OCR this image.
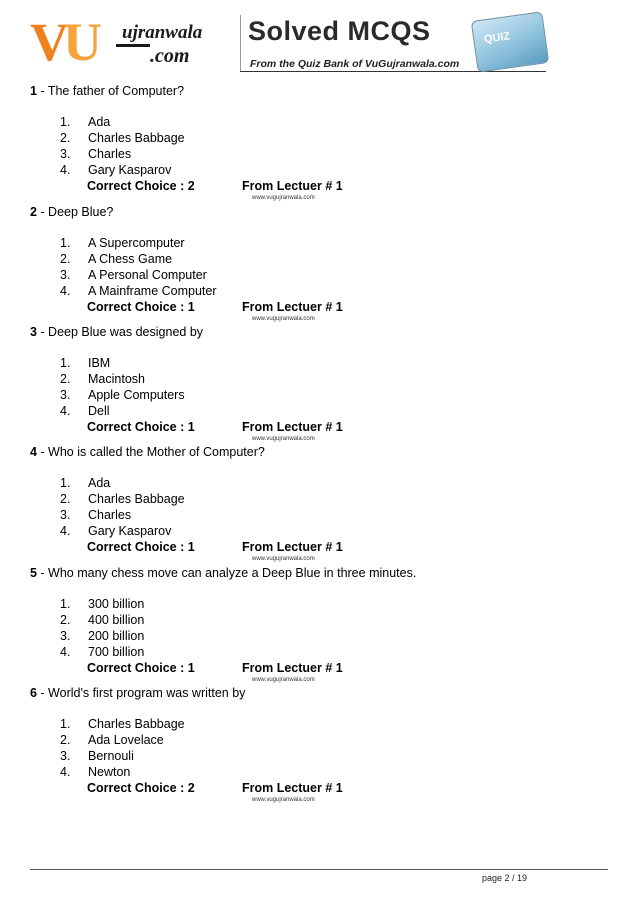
VU ujranwala
.com
Solved MCQS
From the Quiz Bank of VuGujranwala.com
QUIZ
1 - The father of Computer?
1. Ada
2. Charles Babbage
3. Charles
4. Gary Kasparov
Correct Choice : 2	From Lectuer # 1
www.vugujranwala.com
2 - Deep Blue?
1. A Supercomputer
2. A Chess Game
3. A Personal Computer
4. A Mainframe Computer
Correct Choice : 1	From Lectuer # 1
www.vugujranwala.com
3 - Deep Blue was designed by
1. IBM
2. Macintosh
3. Apple Computers
4. Dell
Correct Choice : 1	From Lectuer # 1
www.vugujranwala.com
4 - Who is called the Mother of Computer?
1. Ada
2. Charles Babbage
3. Charles
4. Gary Kasparov
Correct Choice : 1	From Lectuer # 1
www.vugujranwala.com
5 - Who many chess move can analyze a Deep Blue in three minutes.
1. 300 billion
2. 400 billion
3. 200 billion
4. 700 billion
Correct Choice : 1	From Lectuer # 1
www.vugujranwala.com
6 - World's first program was written by
1. Charles Babbage
2. Ada Lovelace
3. Bernouli
4. Newton
Correct Choice : 2	From Lectuer # 1
www.vugujranwala.com
page 2 / 19
